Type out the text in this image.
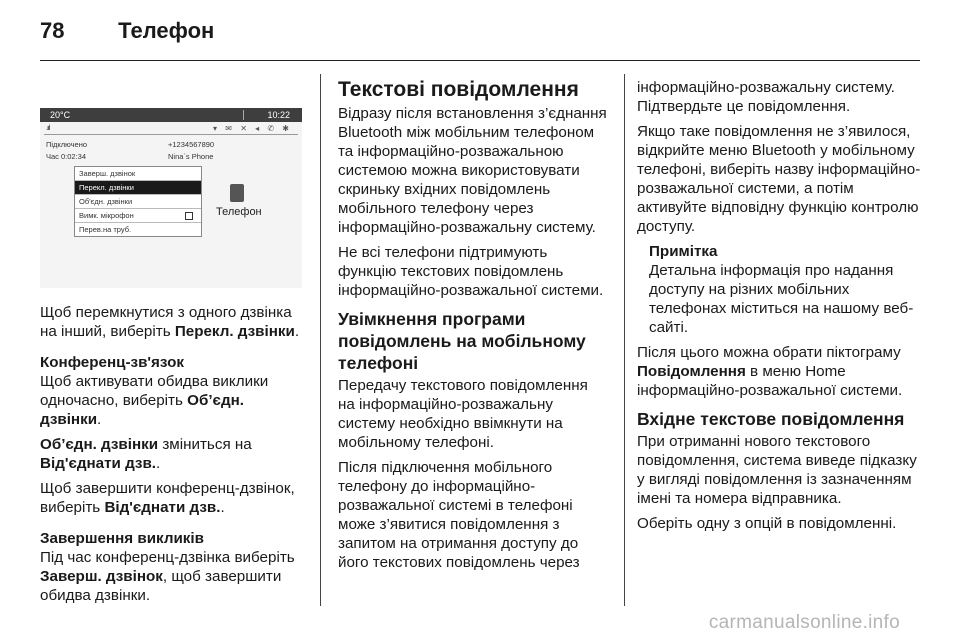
78 Телефон
20°C	10:22
.ııl	▾ ✉ ✕ ◂ ✆ ✱
Підключено
Час 0:02:34
+1234567890
Nina`s Phone
Заверш. дзвінок
Перекл. дзвінки
Об'єдн. дзвінки
Вимк. мікрофон
Перев.на труб.
Телефон

Щоб перемкнутися з одного дзвінка на інший, виберіть Перекл. дзвінки.

Конференц-зв'язок

Щоб активувати обидва виклики одночасно, виберіть Об’єдн. дзвінки.

Об’єдн. дзвінки зміниться на Від'єднати дзв..

Щоб завершити конференц-дзвінок, виберіть Від'єднати дзв..

Завершення викликів

Під час конференц-дзвінка виберіть Заверш. дзвінок, щоб завершити обидва дзвінки.

Текстові повідомлення

Відразу після встановлення з’єднання Bluetooth між мобільним телефоном та інформаційно-розважальною системою можна використовувати скриньку вхідних повідомлень мобільного телефону через інформаційно-розважальну систему.

Не всі телефони підтримують функцію текстових повідомлень інформаційно-розважальної системи.

Увімкнення програми повідомлень на мобільному телефоні

Передачу текстового повідомлення на інформаційно-розважальну систему необхідно ввімкнути на мобільному телефоні.

Після підключення мобільного телефону до інформаційно-розважальної системі в телефоні може з’явитися повідомлення з запитом на отримання доступу до його текстових повідомлень через

інформаційно-розважальну систему. Підтвердьте це повідомлення.

Якщо таке повідомлення не з’явилося, відкрийте меню Bluetooth у мобільному телефоні, виберіть назву інформаційно-розважальної системи, а потім активуйте відповідну функцію контролю доступу.

Примітка

Детальна інформація про надання доступу на різних мобільних телефонах міститься на нашому веб-сайті.

Після цього можна обрати піктограму Повідомлення в меню Home інформаційно-розважальної системи.

Вхідне текстове повідомлення

При отриманні нового текстового повідомлення, система виведе підказку у вигляді повідомлення із зазначенням імені та номера відправника.

Оберіть одну з опцій в повідомленні.

carmanualsonline.info
